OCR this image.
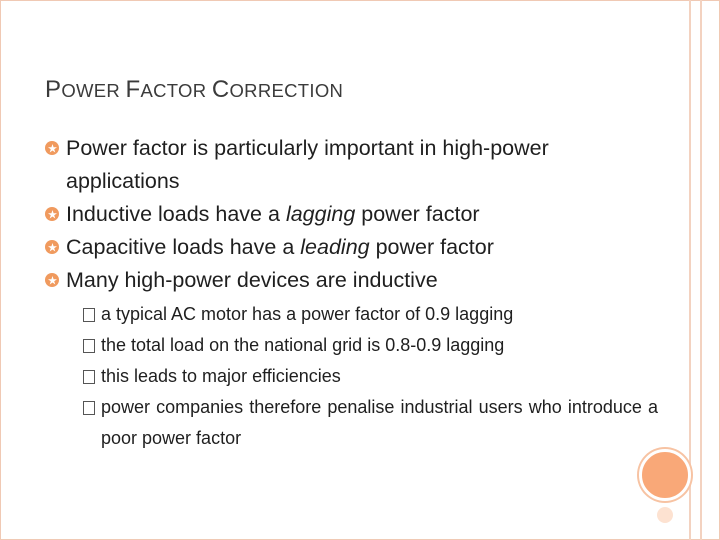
POWER FACTOR CORRECTION
Power factor is particularly important in high-power applications
Inductive loads have a lagging power factor
Capacitive loads have a leading power factor
Many high-power devices are inductive
a typical AC motor has a power factor of 0.9 lagging
the total load on the national grid is 0.8-0.9 lagging
this leads to major efficiencies
power companies therefore penalise industrial users who introduce a poor power factor
